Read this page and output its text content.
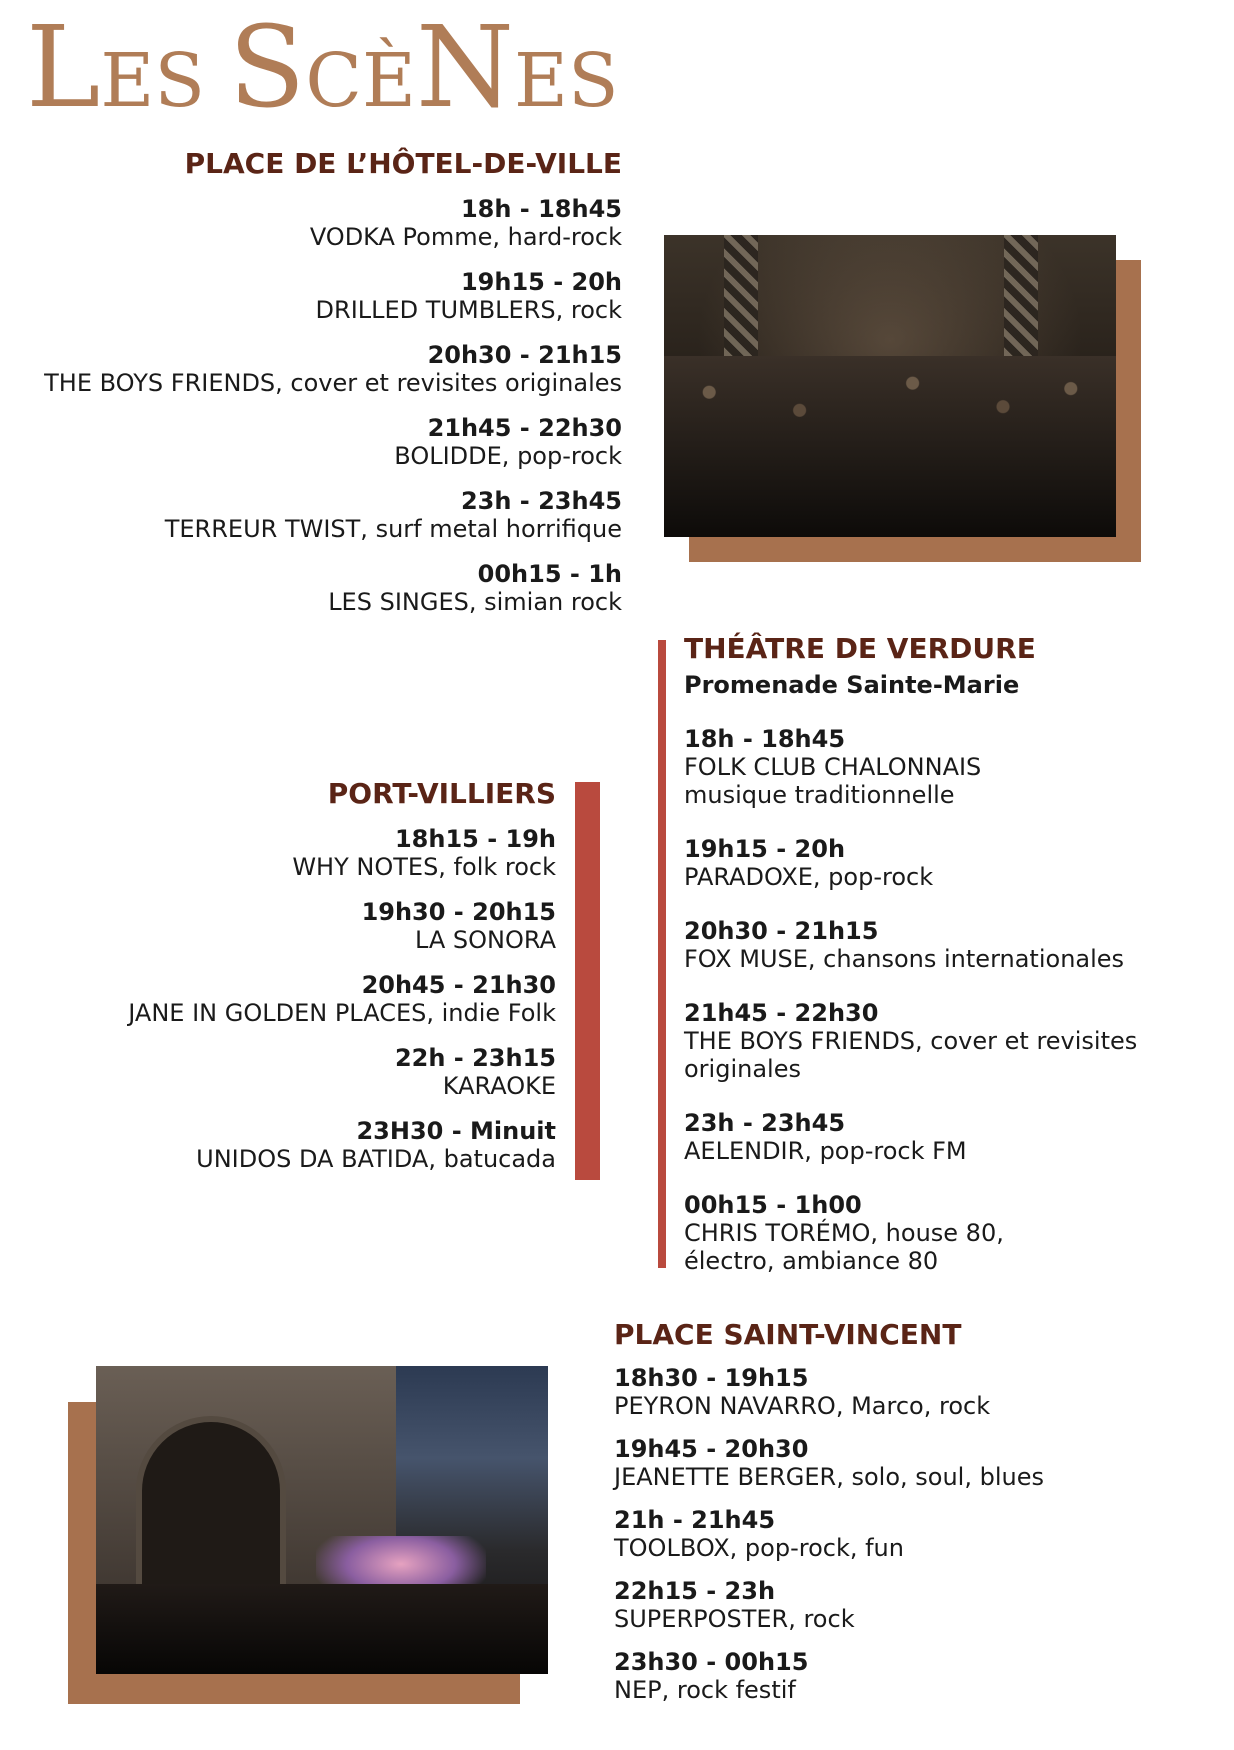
LES SCÈNES
PLACE DE L’HÔTEL-DE-VILLE
18h - 18h45
VODKA Pomme, hard-rock
19h15 - 20h
DRILLED TUMBLERS, rock
20h30 - 21h15
THE BOYS FRIENDS, cover et revisites originales
21h45 - 22h30
BOLIDDE, pop-rock
23h - 23h45
TERREUR TWIST, surf metal horrifique
00h15 - 1h
LES SINGES, simian rock
THÉÂTRE DE VERDURE
Promenade Sainte-Marie
18h - 18h45
FOLK CLUB CHALONNAIS musique traditionnelle
19h15 - 20h
PARADOXE, pop-rock
20h30 - 21h15
FOX MUSE, chansons internationales
21h45 - 22h30
THE BOYS FRIENDS, cover et revisites originales
23h - 23h45
AELENDIR, pop-rock FM
00h15 - 1h00
CHRIS TORÉMO, house 80, électro, ambiance 80
PORT-VILLIERS
18h15 - 19h
WHY NOTES, folk rock
19h30 - 20h15
LA SONORA
20h45 - 21h30
JANE IN GOLDEN PLACES, indie Folk
22h - 23h15
KARAOKE
23H30 - Minuit
UNIDOS DA BATIDA, batucada
PLACE SAINT-VINCENT
18h30 - 19h15
PEYRON NAVARRO, Marco, rock
19h45 - 20h30
JEANETTE BERGER, solo, soul, blues
21h - 21h45
TOOLBOX, pop-rock, fun
22h15 - 23h
SUPERPOSTER, rock
23h30 - 00h15
NEP, rock festif
